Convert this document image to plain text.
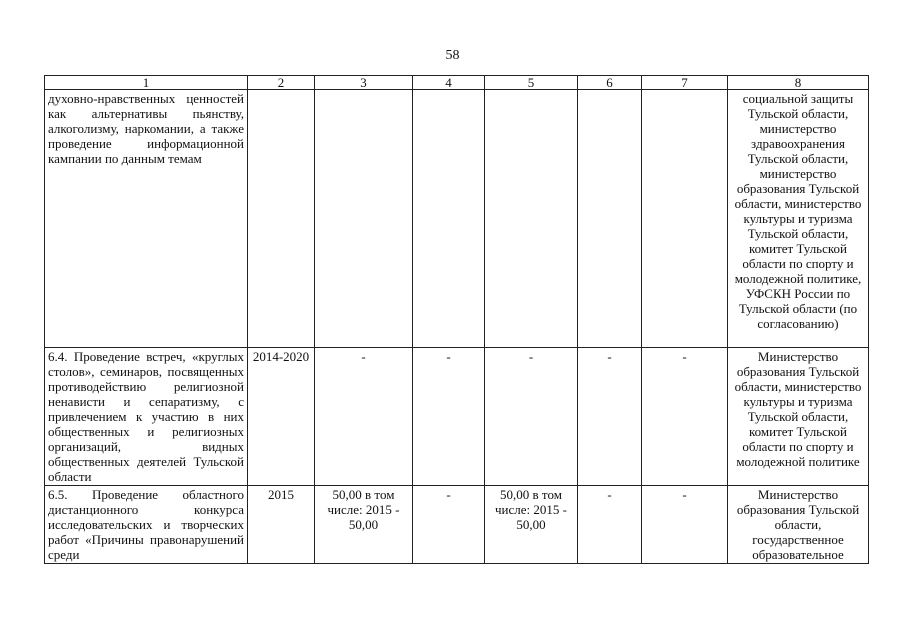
58
1	2	3	4	5	6	7	8
духовно-нравственных ценностей как альтернативы пьянству, алкоголизму, наркомании, а также проведение информационной кампании по данным темам							социальной защиты Тульской области, министерство здравоохранения Тульской области, министерство образования Тульской области, министерство культуры и туризма Тульской области, комитет Тульской области по спорту и молодежной политике, УФСКН России по Тульской области (по согласованию)
6.4. Проведение встреч, «круглых столов», семинаров, посвященных противодействию религиозной ненависти и сепаратизму, с привлечением к участию в них общественных и религиозных организаций, видных общественных деятелей Тульской области	2014-2020	-	-	-	-	-	Министерство образования Тульской области, министерство культуры и туризма Тульской области, комитет Тульской области по спорту и молодежной политике
6.5. Проведение областного дистанционного конкурса исследовательских и творческих работ «Причины правонарушений среди	2015	50,00 в том числе: 2015 - 50,00	-	50,00 в том числе: 2015 - 50,00	-	-	Министерство образования Тульской области, государственное образовательное
